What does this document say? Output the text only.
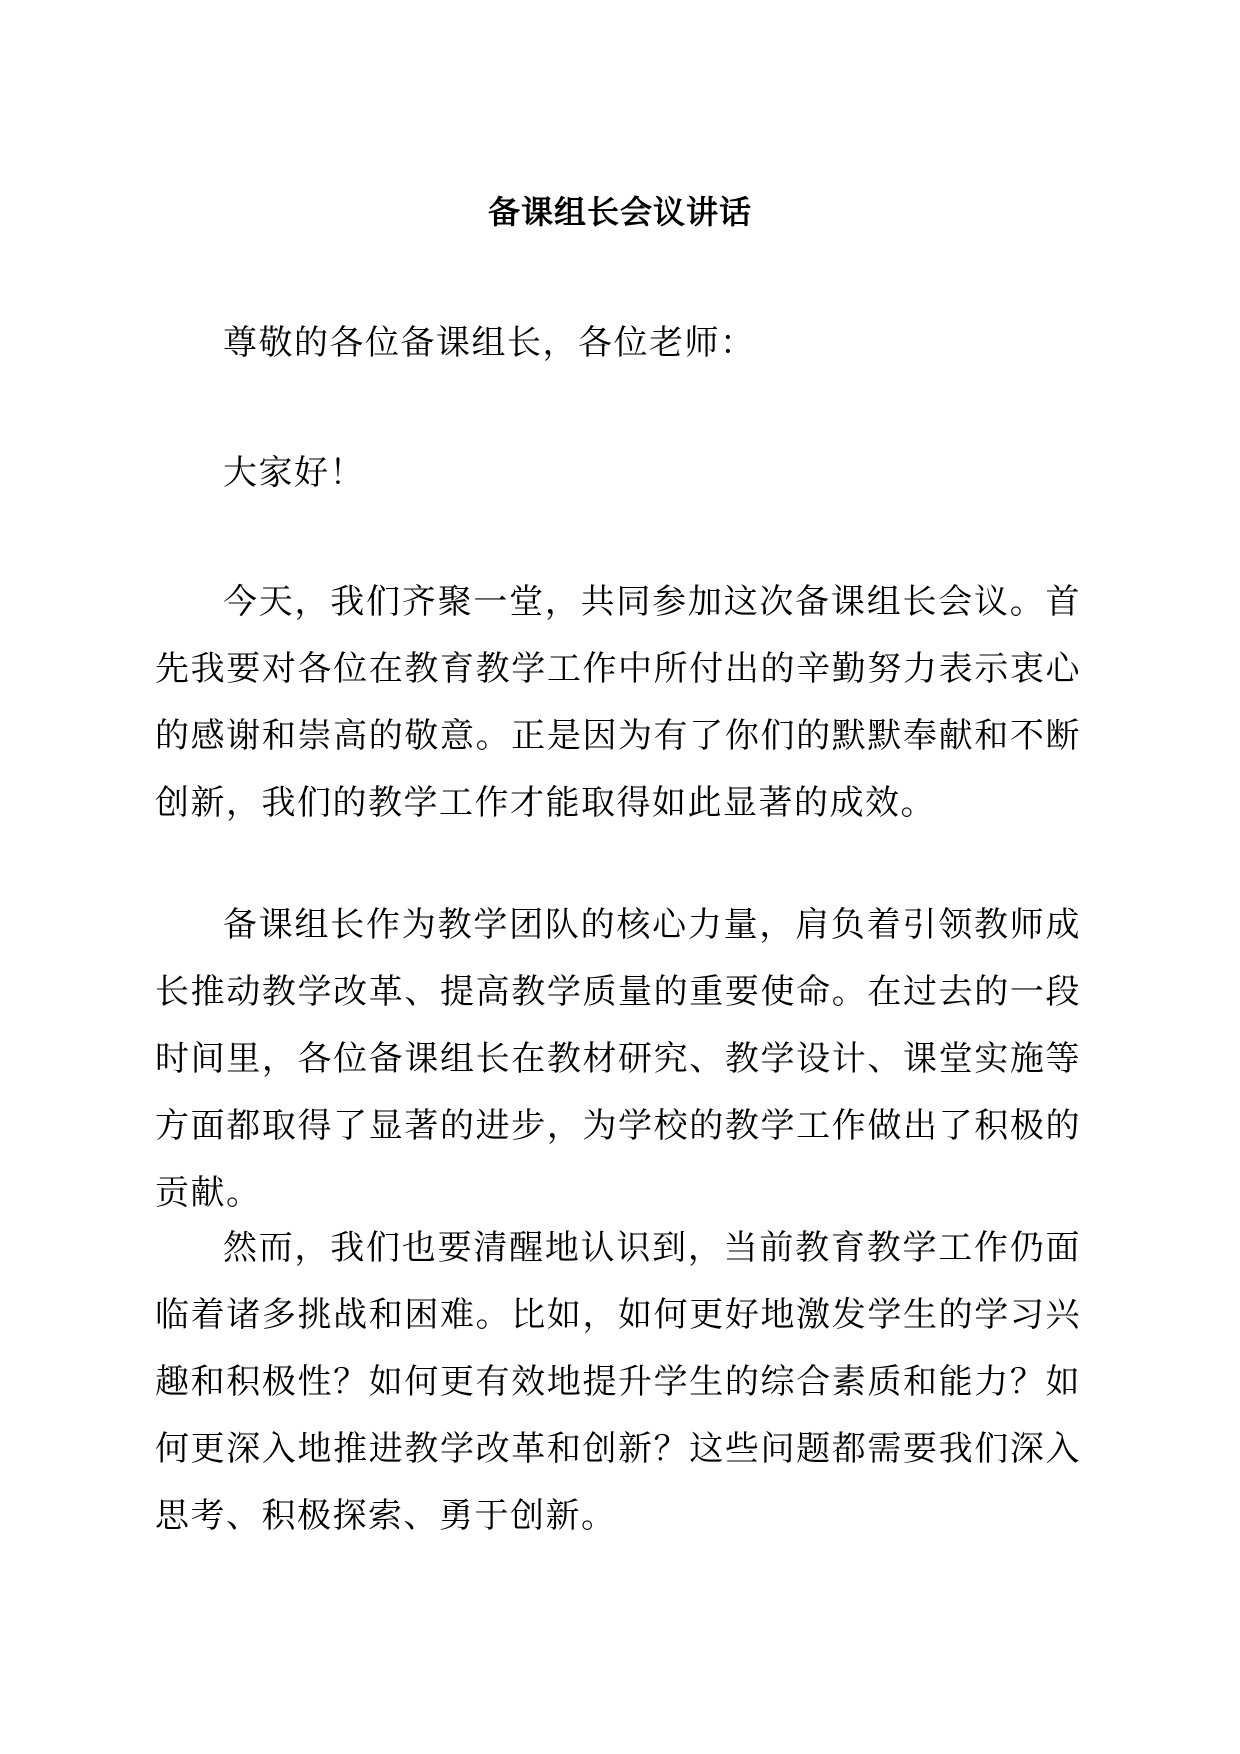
备课组长会议讲话

尊敬的各位备课组长，各位老师：

大家好！

今天，我们齐聚一堂，共同参加这次备课组长会议。首先我要对各位在教育教学工作中所付出的辛勤努力表示衷心的感谢和崇高的敬意。正是因为有了你们的默默奉献和不断创新，我们的教学工作才能取得如此显著的成效。

备课组长作为教学团队的核心力量，肩负着引领教师成长推动教学改革、提高教学质量的重要使命。在过去的一段时间里，各位备课组长在教材研究、教学设计、课堂实施等方面都取得了显著的进步，为学校的教学工作做出了积极的贡献。

然而，我们也要清醒地认识到，当前教育教学工作仍面临着诸多挑战和困难。比如，如何更好地激发学生的学习兴趣和积极性？如何更有效地提升学生的综合素质和能力？如何更深入地推进教学改革和创新？这些问题都需要我们深入思考、积极探索、勇于创新。
